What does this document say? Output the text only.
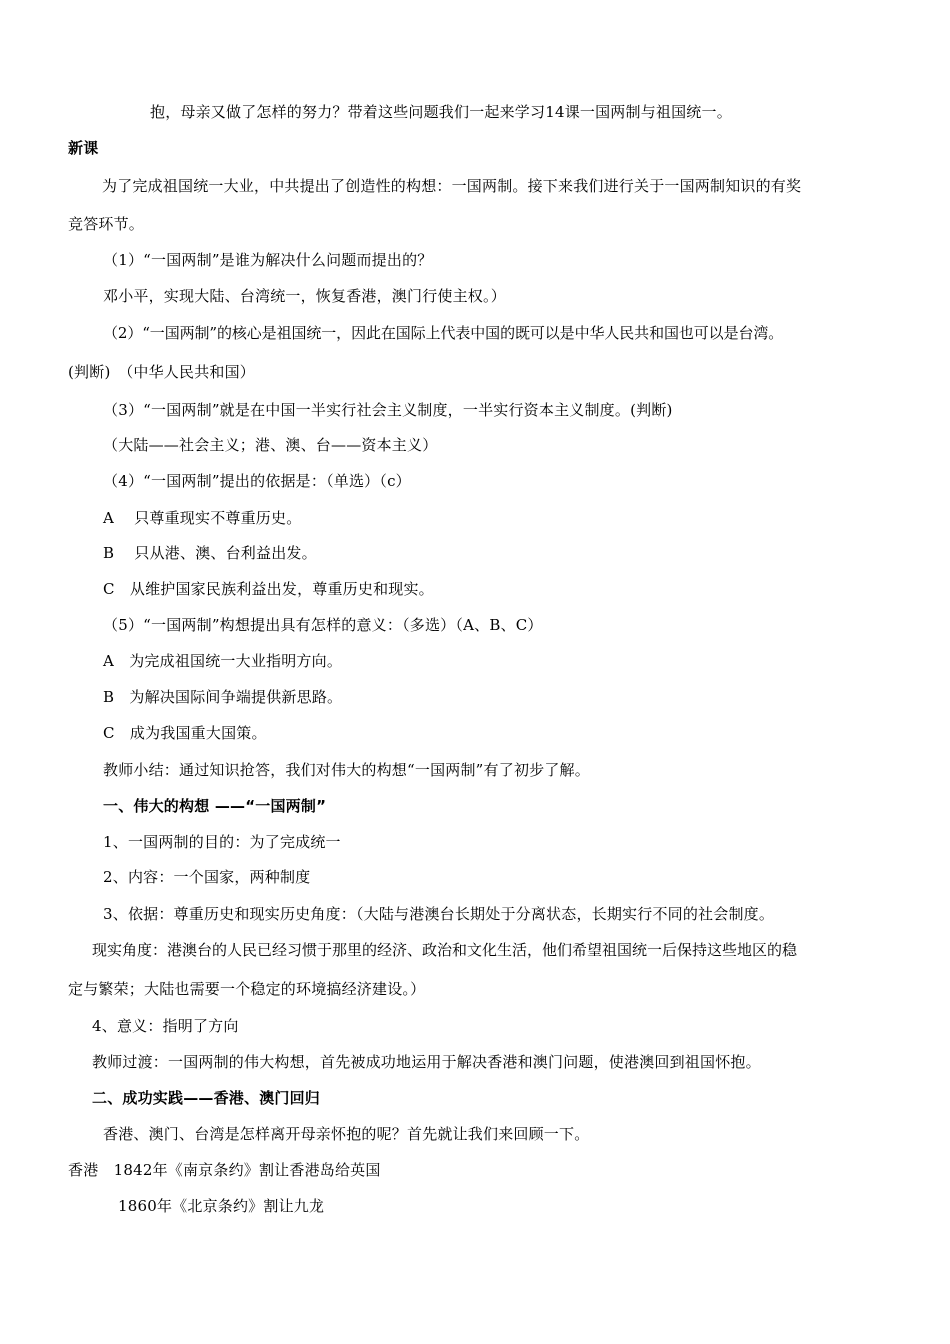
抱，母亲又做了怎样的努力？带着这些问题我们一起来学习14课一国两制与祖国统一。
新课
为了完成祖国统一大业，中共提出了创造性的构想：一国两制。接下来我们进行关于一国两制知识的有奖
竞答环节。
（1）“一国两制”是谁为解决什么问题而提出的？
邓小平，实现大陆、台湾统一，恢复香港，澳门行使主权。）
（2）“一国两制”的核心是祖国统一，因此在国际上代表中国的既可以是中华人民共和国也可以是台湾。
(判断)　（中华人民共和国）
（3）“一国两制”就是在中国一半实行社会主义制度，一半实行资本主义制度。(判断)
（大陆——社会主义；港、澳、台——资本主义）
（4）“一国两制”提出的依据是：（单选）（c）
A　 只尊重现实不尊重历史。
B　 只从港、澳、台利益出发。
C　从维护国家民族利益出发，尊重历史和现实。
（5）“一国两制”构想提出具有怎样的意义：（多选）（A、B、C）
A　为完成祖国统一大业指明方向。
B　为解决国际间争端提供新思路。
C　成为我国重大国策。
教师小结：通过知识抢答，我们对伟大的构想“一国两制”有了初步了解。
一、伟大的构想 ——“一国两制”
1、一国两制的目的：为了完成统一
2、内容：一个国家，两种制度
3、依据：尊重历史和现实历史角度：（大陆与港澳台长期处于分离状态，长期实行不同的社会制度。
现实角度：港澳台的人民已经习惯于那里的经济、政治和文化生活，他们希望祖国统一后保持这些地区的稳
定与繁荣；大陆也需要一个稳定的环境搞经济建设。）
4、意义：指明了方向
教师过渡：一国两制的伟大构想，首先被成功地运用于解决香港和澳门问题，使港澳回到祖国怀抱。
二、成功实践——香港、澳门回归
香港、澳门、台湾是怎样离开母亲怀抱的呢？首先就让我们来回顾一下。
香港　1842年《南京条约》割让香港岛给英国
1860年《北京条约》割让九龙
